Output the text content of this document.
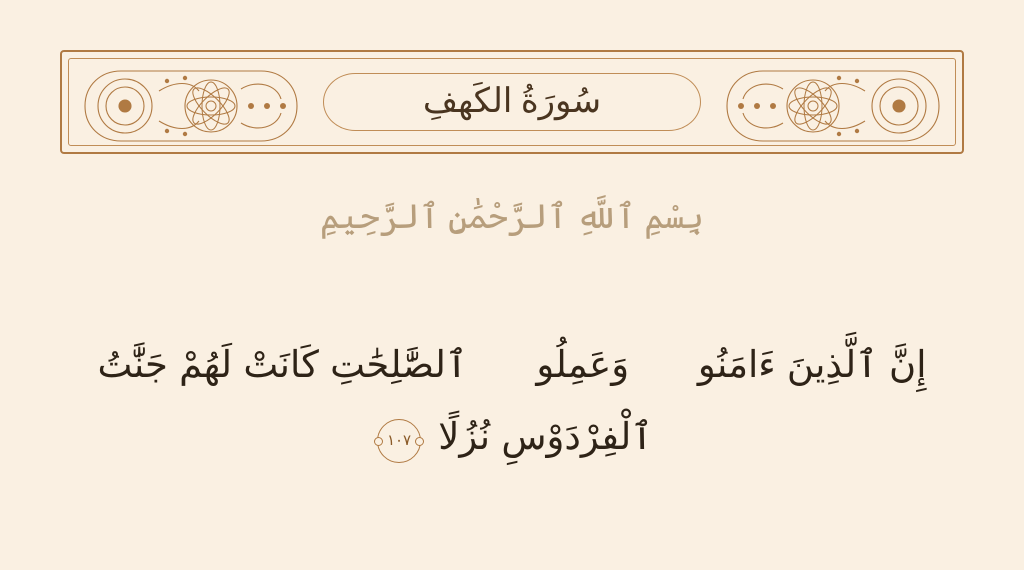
سُورَةُ الكَهفِ
بِسْمِ ٱللَّهِ ٱلرَّحْمَٰنِ ٱلرَّحِيمِ
إِنَّ ٱلَّذِينَ ءَامَنُوا۟ وَعَمِلُوا۟ ٱلصَّٰلِحَٰتِ كَانَتْ لَهُمْ جَنَّٰتُ ٱلْفِرْدَوْسِ نُزُلًا ١٠٧
